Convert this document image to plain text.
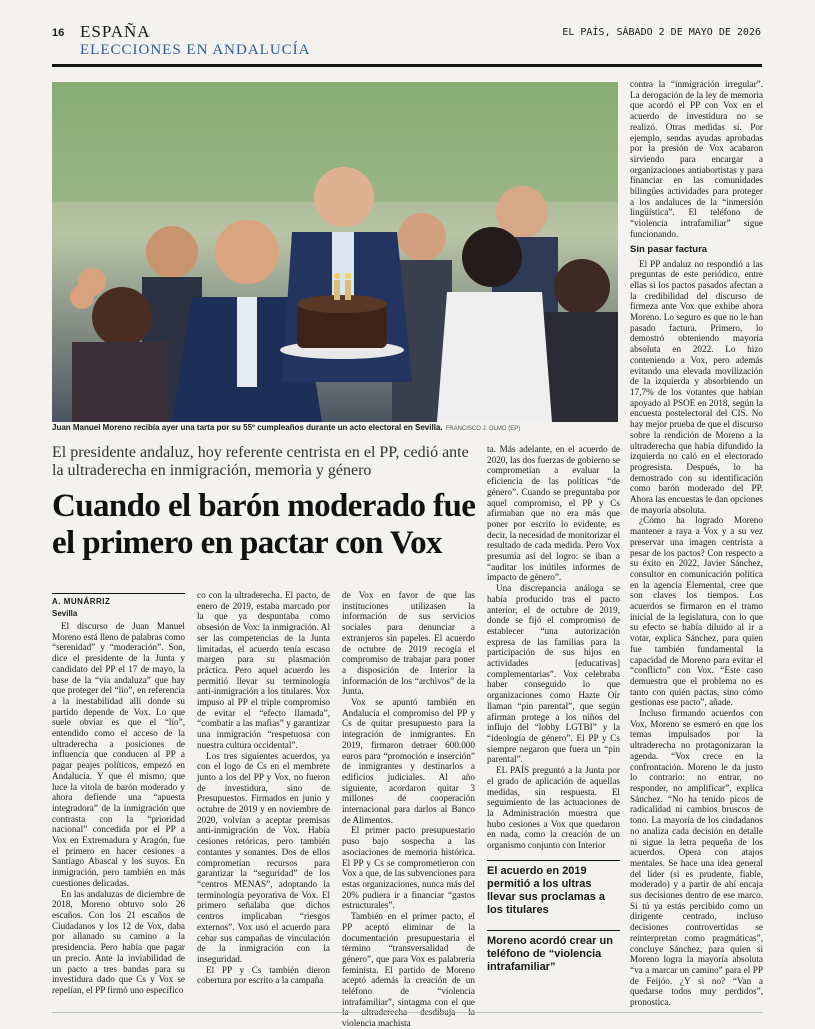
16 ESPAÑA
ELECCIONES EN ANDALUCÍA
EL PAÍS, SÁBADO 2 DE MAYO DE 2026
Juan Manuel Moreno recibía ayer una tarta por su 55º cumpleaños durante un acto electoral en Sevilla. FRANCISCO J. OLMO (EP)
El presidente andaluz, hoy referente centrista en el PP, cedió ante la ultraderecha en inmigración, memoria y género
Cuando el barón moderado fue el primero en pactar con Vox
A. MUNÁRRIZ
Sevilla

El discurso de Juan Manuel Moreno está lleno de palabras como “serenidad” y “moderación”. Son, dice el presidente de la Junta y candidato del PP el 17 de mayo, la base de la “vía andaluza” que hay que proteger del “lío”, en referencia a la inestabilidad allí donde su partido depende de Vox. Lo que suele obviar es que el “lío”, entendido como el acceso de la ultraderecha a posiciones de influencia que conducen al PP a pagar peajes políticos, empezó en Andalucía. Y que él mismo, que luce la vitola de barón moderado y ahora defiende una “apuesta integradora” de la inmigración que contrasta con la “prioridad nacional” concedida por el PP a Vox en Extremadura y Aragón, fue el primero en hacer cesiones a Santiago Abascal y los suyos. En inmigración, pero también en más cuestiones delicadas.

En las andaluzas de diciembre de 2018, Moreno obtuvo solo 26 escaños. Con los 21 escaños de Ciudadanos y los 12 de Vox, daba por allanado su camino a la presidencia. Pero había que pagar un precio. Ante la inviabilidad de un pacto a tres bandas para su investidura dado que Cs y Vox se repelían, el PP firmó uno específico

co con la ultraderecha. El pacto, de enero de 2019, estaba marcado por la que ya despuntaba como obsesión de Vox: la inmigración. Al ser las competencias de la Junta limitadas, el acuerdo tenía escaso margen para su plasmación práctica. Pero aquel acuerdo les permitió llevar su terminología anti-inmigración a los titulares. Vox impuso al PP el triple compromiso de evitar el “efecto llamada”, “combatir a las mafias” y garantizar una inmigración “respetuosa con nuestra cultura occidental”.

Los tres siguientes acuerdos, ya con el logo de Cs en el membrete junto a los del PP y Vox, no fueron de investidura, sino de Presupuestos. Firmados en junio y octubre de 2019 y en noviembre de 2020, volvían a aceptar premisas anti-inmigración de Vox. Había cesiones retóricas, pero también contantes y sonantes. Dos de ellos comprometían recursos para garantizar la “seguridad” de los “centros MENAS”, adoptando la terminología peyorativa de Vox. El primero señalaba que dichos centros implicaban “riesgos externos”. Vox usó el acuerdo para cebar sus campañas de vinculación de la inmigración con la inseguridad.

El PP y Cs también dieron cobertura por escrito a la campaña

de Vox en favor de que las instituciones utilizasen la información de sus servicios sociales para denunciar a extranjeros sin papeles. El acuerdo de octubre de 2019 recogía el compromiso de trabajar para poner a disposición de Interior la información de los “archivos” de la Junta.

Vox se apuntó también en Andalucía el compromiso del PP y Cs de quitar presupuesto para la integración de inmigrantes. En 2019, firmaron detraer 600.000 euros para “promoción e inserción” de inmigrantes y destinarlos a edificios judiciales. Al año siguiente, acordaron quitar 3 millones de cooperación internacional para darlos al Banco de Alimentos.

El primer pacto presupuestario puso bajo sospecha a las asociaciones de memoria histórica. El PP y Cs se comprometieron con Vox a que, de las subvenciones para estas organizaciones, nunca más del 20% pudiera ir a financiar “gastos estructurales”.

También en el primer pacto, el PP aceptó eliminar de la documentación presupuestaria el término “transversalidad de género”, que para Vox es palabrería feminista. El partido de Moreno aceptó además la creación de un teléfono de “violencia intrafamiliar”, sintagma con el que violencia machista

ta. Más adelante, en el acuerdo de 2020, las dos fuerzas de gobierno se comprometían a evaluar la eficiencia de las políticas “de género”. Cuando se preguntaba por aquel compromiso, el PP y Cs afirmaban que no era más que poner por escrito lo evidente, es decir, la necesidad de monitorizar el resultado de cada medida. Pero Vox presumía así del logro: se iban a “auditar los inútiles informes de impacto de género”.

Una discrepancia análoga se había producido tras el pacto anterior, el de octubre de 2019, donde se fijó el compromiso de establecer “una autorización expresa de las familias para la participación de sus hijos en actividades [educativas] complementarias”. Vox celebraba haber conseguido lo que organizaciones como Hazte Oír llaman “pin parental”, que según afirman protege a los niños del influjo del “lobby LGTBI” y la “ideología de género”. El PP y Cs siempre negaron que fuera un “pin parental”.

EL PAÍS preguntó a la Junta por el grado de aplicación de aquellas medidas, sin respuesta. El seguimiento de las actuaciones de la Administración muestra que hubo cesiones a Vox que quedaron en nada, como la creación de un organismo conjunto con Interior

El acuerdo en 2019 permitió a los ultras llevar sus proclamas a los titulares
Moreno acordó crear un teléfono de “violencia intrafamiliar”

contra la “inmigración irregular”. La derogación de la ley de memoria que acordó el PP con Vox en el acuerdo de investidura no se realizó. Otras medidas sí. Por ejemplo, sendas ayudas aprobadas por la presión de Vox acabaron sirviendo para encargar a organizaciones antiabortistas y para financiar en las comunidades bilingües actividades para proteger a los andaluces de la “inmersión lingüística”. El teléfono de “violencia intrafamiliar” sigue funcionando.

Sin pasar factura

El PP andaluz no respondió a las preguntas de este periódico, entre ellas si los pactos pasados afectan a la credibilidad del discurso de firmeza ante Vox que exhibe ahora Moreno. Lo seguro es que no le han pasado factura. Primero, lo demostró obteniendo mayoría absoluta en 2022. Lo hizo conteniendo a Vox, pero además evitando una elevada movilización de la izquierda y absorbiendo un 17,7% de los votantes que habían apoyado al PSOE en 2018, según la encuesta postelectoral del CIS. No hay mejor prueba de que el discurso sobre la rendición de Moreno a la ultraderecha que había difundido la izquierda no caló en el electorado progresista. Después, lo ha demostrado con su identificación como barón moderado del PP. Ahora las encuestas le dan opciones de mayoría absoluta.

¿Cómo ha logrado Moreno mantener a raya a Vox y a su vez preservar una imagen centrista a pesar de los pactos? Con respecto a su éxito en 2022, Javier Sánchez, consultor en comunicación política en la agencia Elemental, cree que son claves los tiempos. Los acuerdos se firmaron en el tramo inicial de la legislatura, con lo que su efecto se había diluido al ir a votar, explica Sánchez, para quien fue también fundamental la capacidad de Moreno para evitar el “conflicto” con Vox. “Este caso demuestra que el problema no es tanto con quién pactas, sino cómo gestionas ese pacto”, añade.

Incluso firmando acuerdos con Vox, Moreno se esmeró en que los temas impulsados por la ultraderecha no protagonizaran la agenda. “Vox crece en la confrontación. Moreno le da justo lo contrario: no entrar, no responder, no amplificar”, explica Sánchez. “No ha tenido picos de radicalidad ni cambios bruscos de tono. La mayoría de los ciudadanos no analiza cada decisión en detalle ni sigue la letra pequeña de los acuerdos. Opera con atajos mentales. Se hace una idea general del líder (si es prudente, fiable, moderado) y a partir de ahí encaja sus decisiones dentro de ese marco. Si tú ya estás percibido como un dirigente centrado, incluso decisiones controvertidas se reinterpretan como pragmáticas”, concluye Sánchez, para quien si Moreno logra la mayoría absoluta “va a marcar un camino” para el PP de Feijóo. ¿Y si no? “Van a quedarse todos muy perdidos”, pronostica.
